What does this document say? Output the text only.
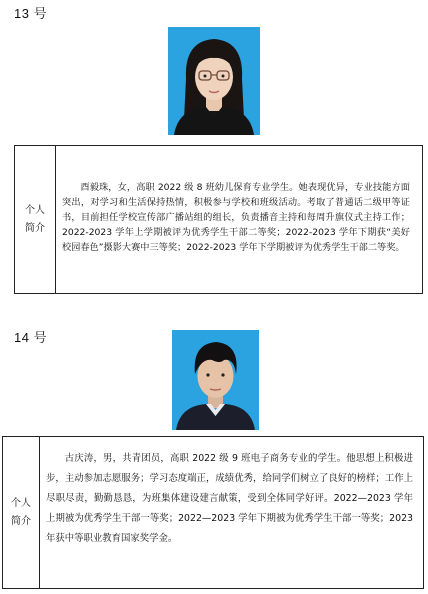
13 号
个人
简介
酉毅珠，女，高职 2022 级 8 班幼儿保育专业学生。她表现优异，专业技能方面突出，对学习和生活保持热情，积极参与学校和班级活动。考取了普通话二级甲等证书，目前担任学校宣传部广播站组的组长，负责播音主持和每周升旗仪式主持工作；2022-2023 学年上学期被评为优秀学生干部二等奖；2022-2023 学年下期获“美好校园春色”摄影大赛中三等奖；2022-2023 学年下学期被评为优秀学生干部二等奖。
14 号
个人
简介
古庆涛，男，共青团员，高职 2022 级 9 班电子商务专业的学生。他思想上积极进步，主动参加志愿服务；学习态度端正，成绩优秀，给同学们树立了良好的榜样；工作上尽职尽责，勤勤恳恳，为班集体建设建言献策，受到全体同学好评。2022—2023 学年上期被为优秀学生干部一等奖；2022—2023 学年下期被为优秀学生干部一等奖；2023 年获中等职业教育国家奖学金。
